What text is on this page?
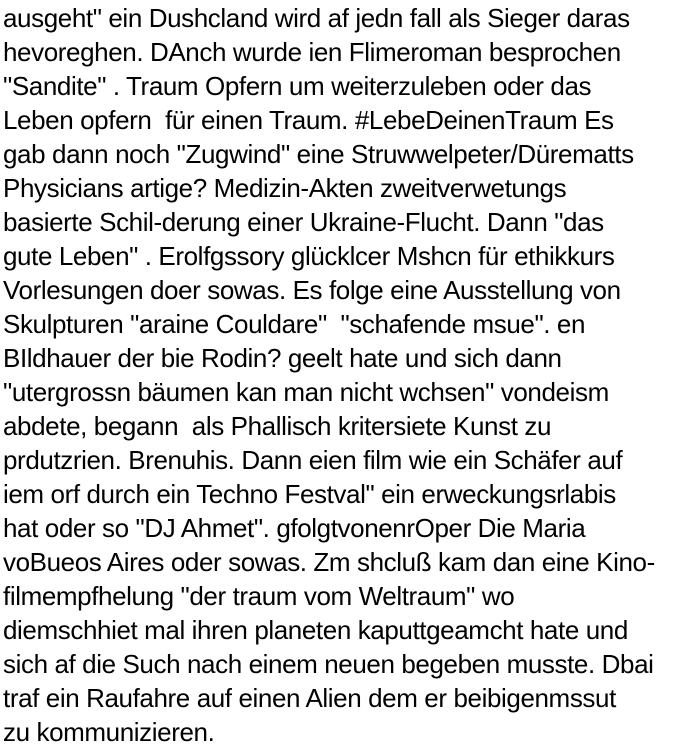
ausgeht" ein Dushcland wird af jedn fall als Sieger daras
hevoreghen. DAnch wurde ien Flimeroman besprochen
"Sandite" . Traum Opfern um weiterzuleben oder das
Leben opfern  für einen Traum. #LebeDeinenTraum Es
gab dann noch "Zugwind" eine Struwwelpeter/Dürematts
Physicians artige? Medizin-Akten zweitverwetungs
basierte Schil-derung einer Ukraine-Flucht. Dann "das
gute Leben" . Erolfgssory glücklcer Mshcn für ethikkurs
Vorlesungen doer sowas. Es folge eine Ausstellung von
Skulpturen "araine Couldare"  "schafende msue". en
BIldhauer der bie Rodin? geelt hate und sich dann
"utergrossn bäumen kan man nicht wchsen" vondeism
abdete, begann  als Phallisch kritersiete Kunst zu
prdutzrien. Brenuhis. Dann eien film wie ein Schäfer auf
iem orf durch ein Techno Festval" ein erweckungsrlabis
hat oder so "DJ Ahmet". gfolgtvonenrOper Die Maria
voBueos Aires oder sowas. Zm shcluß kam dan eine Kino-
filmempfhelung "der traum vom Weltraum" wo
diemschhiet mal ihren planeten kaputtgeamcht hate und
sich af die Such nach einem neuen begeben musste. Dbai
traf ein Raufahre auf einen Alien dem er beibigenmssut
zu kommunizieren.
